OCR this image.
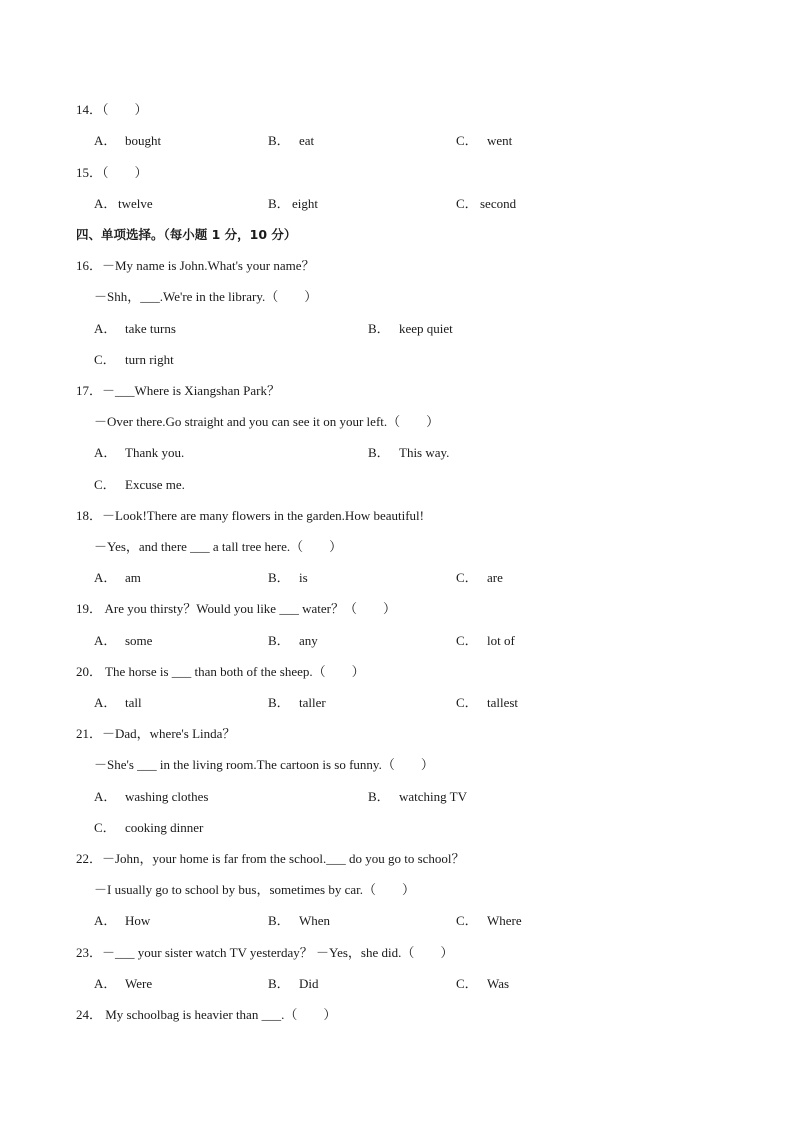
14．（　　）
A． bought	B． eat	C． went
15．（　　）
A． twelve	B． eight	C． second
四、单项选择。（每小题 1 分，10 分）
16．－My name is John.What's your name？
－Shh，___.We're in the library.（　　）
A． take turns	B． keep quiet
C． turn right
17．－___Where is Xiangshan Park？
－Over there.Go straight and you can see it on your left.（　　）
A． Thank you.	B． This way.
C． Excuse me.
18．－Look!There are many flowers in the garden.How beautiful!
－Yes，and there ___ a tall tree here.（　　）
A． am	B． is	C． are
19． Are you thirsty？Would you like ___ water？（　　）
A． some	B． any	C． lot of
20． The horse is ___ than both of the sheep.（　　）
A． tall	B． taller	C． tallest
21．－Dad，where's Linda？
－She's ___ in the living room.The cartoon is so funny.（　　）
A． washing clothes	B． watching TV
C． cooking dinner
22．－John，your home is far from the school.___ do you go to school？
－I usually go to school by bus，sometimes by car.（　　）
A． How	B． When	C． Where
23．－___ your sister watch TV yesterday？ －Yes，she did.（　　）
A． Were	B． Did	C． Was
24． My schoolbag is heavier than ___.（　　）
